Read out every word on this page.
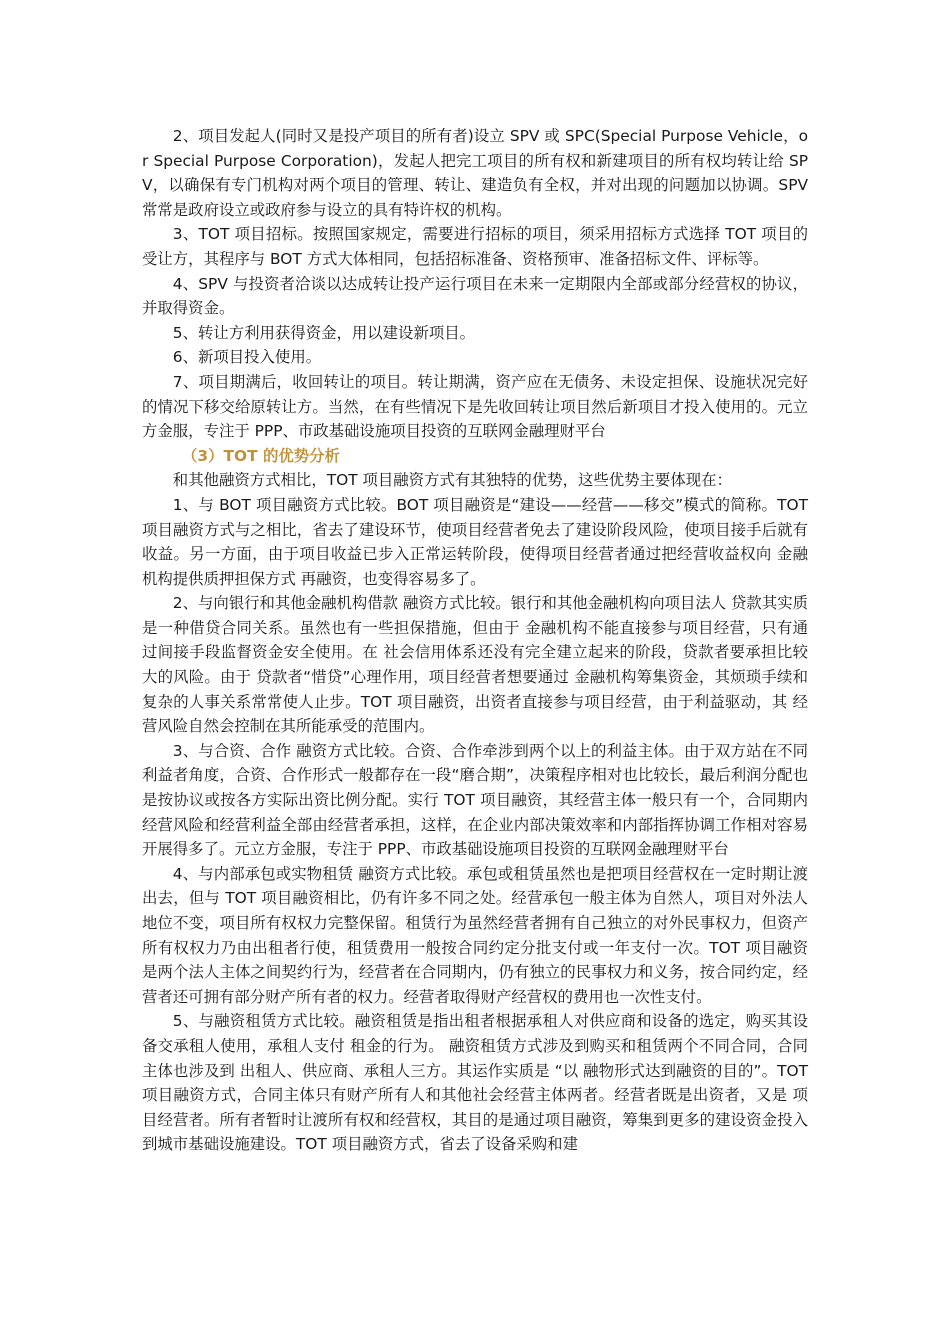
2、项目发起人(同时又是投产项目的所有者)设立 SPV 或 SPC(Special Purpose Vehicle，or Special Purpose Corporation)，发起人把完工项目的所有权和新建项目的所有权均转让给 SPV，以确保有专门机构对两个项目的管理、转让、建造负有全权，并对出现的问题加以协调。SPV 常常是政府设立或政府参与设立的具有特许权的机构。

3、TOT 项目招标。按照国家规定，需要进行招标的项目，须采用招标方式选择 TOT 项目的受让方，其程序与 BOT 方式大体相同，包括招标准备、资格预审、准备招标文件、评标等。

4、SPV 与投资者洽谈以达成转让投产运行项目在未来一定期限内全部或部分经营权的协议，并取得资金。

5、转让方利用获得资金，用以建设新项目。

6、新项目投入使用。

7、项目期满后，收回转让的项目。转让期满，资产应在无债务、未设定担保、设施状况完好的情况下移交给原转让方。当然，在有些情况下是先收回转让项目然后新项目才投入使用的。元立方金服，专注于 PPP、市政基础设施项目投资的互联网金融理财平台

（3）TOT 的优势分析

和其他融资方式相比，TOT 项目融资方式有其独特的优势，这些优势主要体现在：

1、与 BOT 项目融资方式比较。BOT 项目融资是“建设——经营——移交”模式的简称。TOT 项目融资方式与之相比，省去了建设环节，使项目经营者免去了建设阶段风险，使项目接手后就有收益。另一方面，由于项目收益已步入正常运转阶段，使得项目经营者通过把经营收益权向 金融机构提供质押担保方式 再融资，也变得容易多了。

2、与向银行和其他金融机构借款 融资方式比较。银行和其他金融机构向项目法人 贷款其实质是一种借贷合同关系。虽然也有一些担保措施，但由于 金融机构不能直接参与项目经营，只有通过间接手段监督资金安全使用。在 社会信用体系还没有完全建立起来的阶段，贷款者要承担比较大的风险。由于 贷款者“惜贷”心理作用，项目经营者想要通过 金融机构筹集资金，其烦琐手续和复杂的人事关系常常使人止步。TOT 项目融资，出资者直接参与项目经营，由于利益驱动，其 经营风险自然会控制在其所能承受的范围内。

3、与合资、合作 融资方式比较。合资、合作牵涉到两个以上的利益主体。由于双方站在不同利益者角度，合资、合作形式一般都存在一段“磨合期”，决策程序相对也比较长，最后利润分配也是按协议或按各方实际出资比例分配。实行 TOT 项目融资，其经营主体一般只有一个，合同期内 经营风险和经营利益全部由经营者承担，这样，在企业内部决策效率和内部指挥协调工作相对容易开展得多了。元立方金服，专注于 PPP、市政基础设施项目投资的互联网金融理财平台

4、与内部承包或实物租赁 融资方式比较。承包或租赁虽然也是把项目经营权在一定时期让渡出去，但与 TOT 项目融资相比，仍有许多不同之处。经营承包一般主体为自然人，项目对外法人地位不变，项目所有权权力完整保留。租赁行为虽然经营者拥有自己独立的对外民事权力，但资产所有权权力乃由出租者行使，租赁费用一般按合同约定分批支付或一年支付一次。TOT 项目融资是两个法人主体之间契约行为，经营者在合同期内，仍有独立的民事权力和义务，按合同约定，经营者还可拥有部分财产所有者的权力。经营者取得财产经营权的费用也一次性支付。

5、与融资租赁方式比较。融资租赁是指出租者根据承租人对供应商和设备的选定，购买其设备交承租人使用，承租人支付 租金的行为。 融资租赁方式涉及到购买和租赁两个不同合同，合同主体也涉及到 出租人、供应商、承租人三方。其运作实质是 “以 融物形式达到融资的目的”。TOT 项目融资方式，合同主体只有财产所有人和其他社会经营主体两者。经营者既是出资者，又是 项目经营者。所有者暂时让渡所有权和经营权，其目的是通过项目融资，筹集到更多的建设资金投入到城市基础设施建设。TOT 项目融资方式，省去了设备采购和建
